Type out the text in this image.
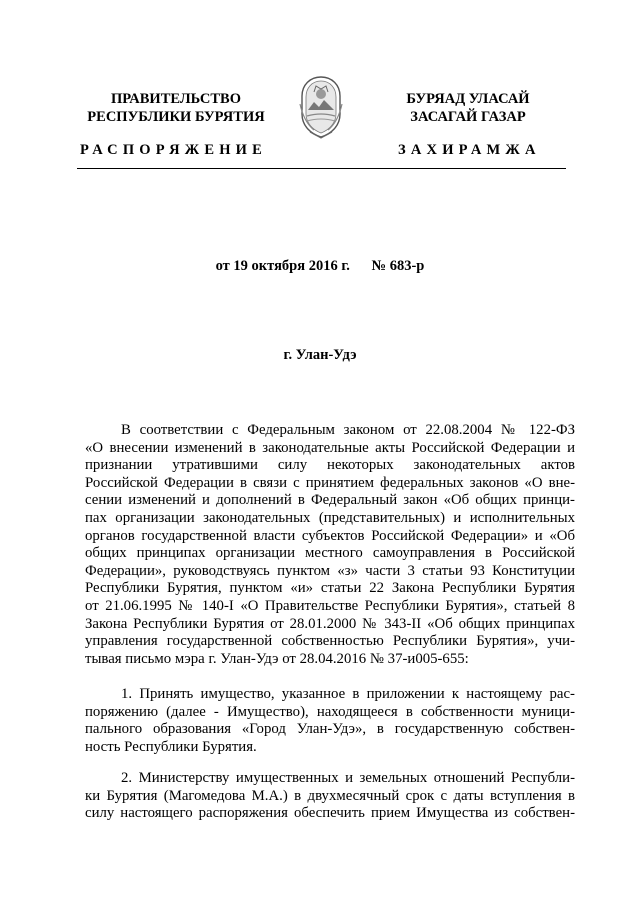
ПРАВИТЕЛЬСТВО
РЕСПУБЛИКИ БУРЯТИЯ
БУРЯАД УЛАСАЙ
ЗАСАГАЙ ГАЗАР
РАСПОРЯЖЕНИЕ	ЗАХИРАМЖА
от 19 октября 2016 г. № 683-р
г. Улан-Удэ
В соответствии с Федеральным законом от 22.08.2004 № 122-ФЗ
«О внесении изменений в законодательные акты Российской Федерации и
признании утратившими силу некоторых законодательных актов
Российской Федерации в связи с принятием федеральных законов «О вне-
сении изменений и дополнений в Федеральный закон «Об общих принци-
пах организации законодательных (представительных) и исполнительных
органов государственной власти субъектов Российской Федерации» и «Об
общих принципах организации местного самоуправления в Российской
Федерации», руководствуясь пунктом «з» части 3 статьи 93 Конституции
Республики Бурятия, пунктом «и» статьи 22 Закона Республики Бурятия
от 21.06.1995 № 140-I «О Правительстве Республики Бурятия», статьей 8
Закона Республики Бурятия от 28.01.2000 № 343-II «Об общих принципах
управления государственной собственностью Республики Бурятия», учи-
тывая письмо мэра г. Улан-Удэ от 28.04.2016 № 37-и005-655:
1. Принять имущество, указанное в приложении к настоящему рас-
поряжению (далее - Имущество), находящееся в собственности муници-
пального образования «Город Улан-Удэ», в государственную собствен-
ность Республики Бурятия.
2. Министерству имущественных и земельных отношений Республи-
ки Бурятия (Магомедова М.А.) в двухмесячный срок с даты вступления в
силу настоящего распоряжения обеспечить прием Имущества из собствен-
